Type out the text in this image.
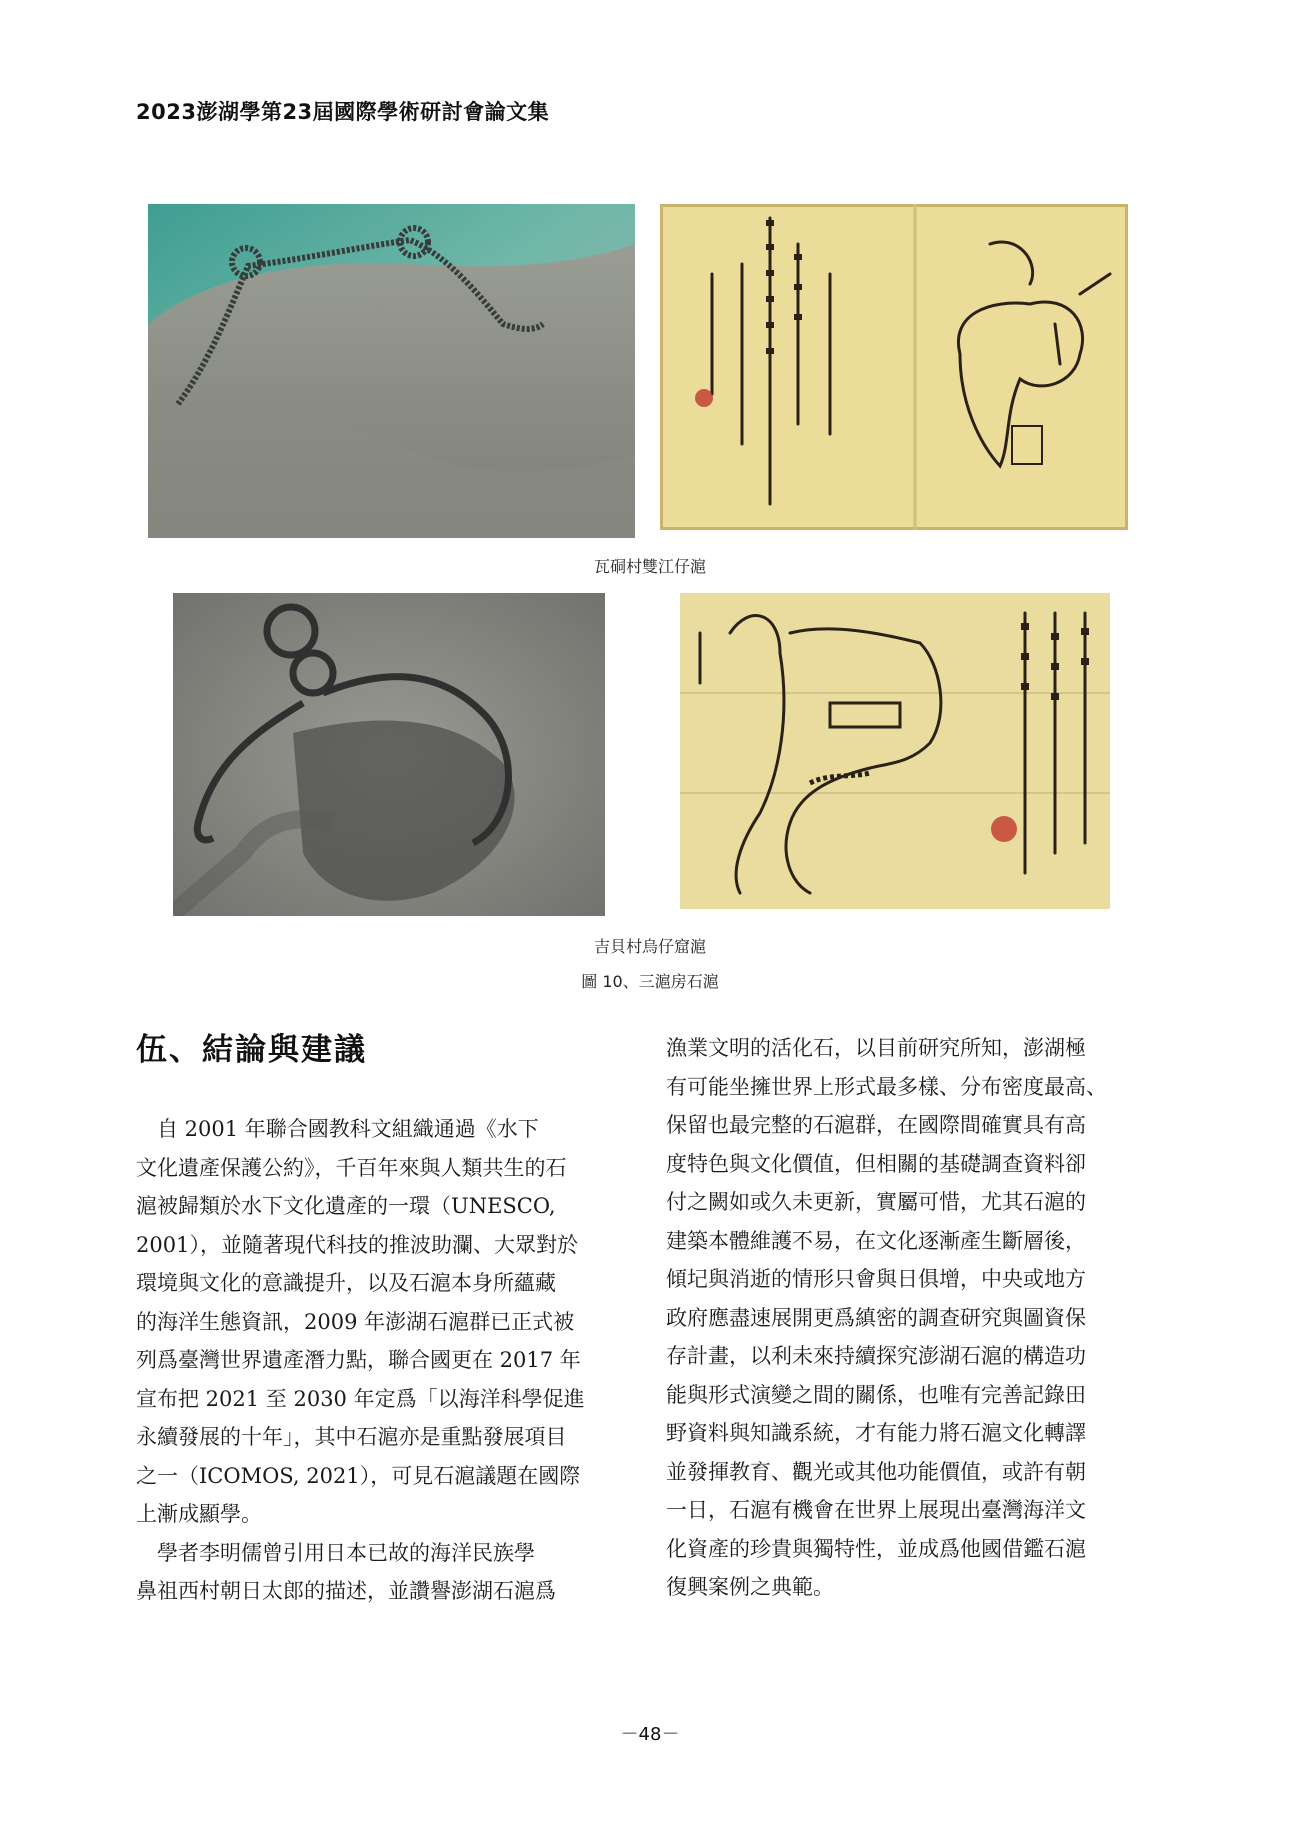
2023澎湖學第23屆國際學術研討會論文集
瓦硐村雙江仔滬
吉貝村烏仔窟滬
圖 10、三滬房石滬
伍、結論與建議
　自 2001 年聯合國教科文組織通過《水下
文化遺產保護公約》，千百年來與人類共生的石
滬被歸類於水下文化遺產的一環（UNESCO,
2001），並隨著現代科技的推波助瀾、大眾對於
環境與文化的意識提升，以及石滬本身所蘊藏
的海洋生態資訊，2009 年澎湖石滬群已正式被
列爲臺灣世界遺產潛力點，聯合國更在 2017 年
宣布把 2021 至 2030 年定爲「以海洋科學促進
永續發展的十年」，其中石滬亦是重點發展項目
之一（ICOMOS, 2021），可見石滬議題在國際
上漸成顯學。
　學者李明儒曾引用日本已故的海洋民族學
鼻祖西村朝日太郎的描述，並讚譽澎湖石滬爲
漁業文明的活化石，以目前研究所知，澎湖極
有可能坐擁世界上形式最多樣、分布密度最高、
保留也最完整的石滬群，在國際間確實具有高
度特色與文化價值，但相關的基礎調查資料卻
付之闕如或久未更新，實屬可惜，尤其石滬的
建築本體維護不易，在文化逐漸產生斷層後，
傾圮與消逝的情形只會與日俱增，中央或地方
政府應盡速展開更爲縝密的調查研究與圖資保
存計畫，以利未來持續探究澎湖石滬的構造功
能與形式演變之間的關係，也唯有完善記錄田
野資料與知識系統，才有能力將石滬文化轉譯
並發揮教育、觀光或其他功能價值，或許有朝
一日，石滬有機會在世界上展現出臺灣海洋文
化資產的珍貴與獨特性，並成爲他國借鑑石滬
復興案例之典範。
－48－
